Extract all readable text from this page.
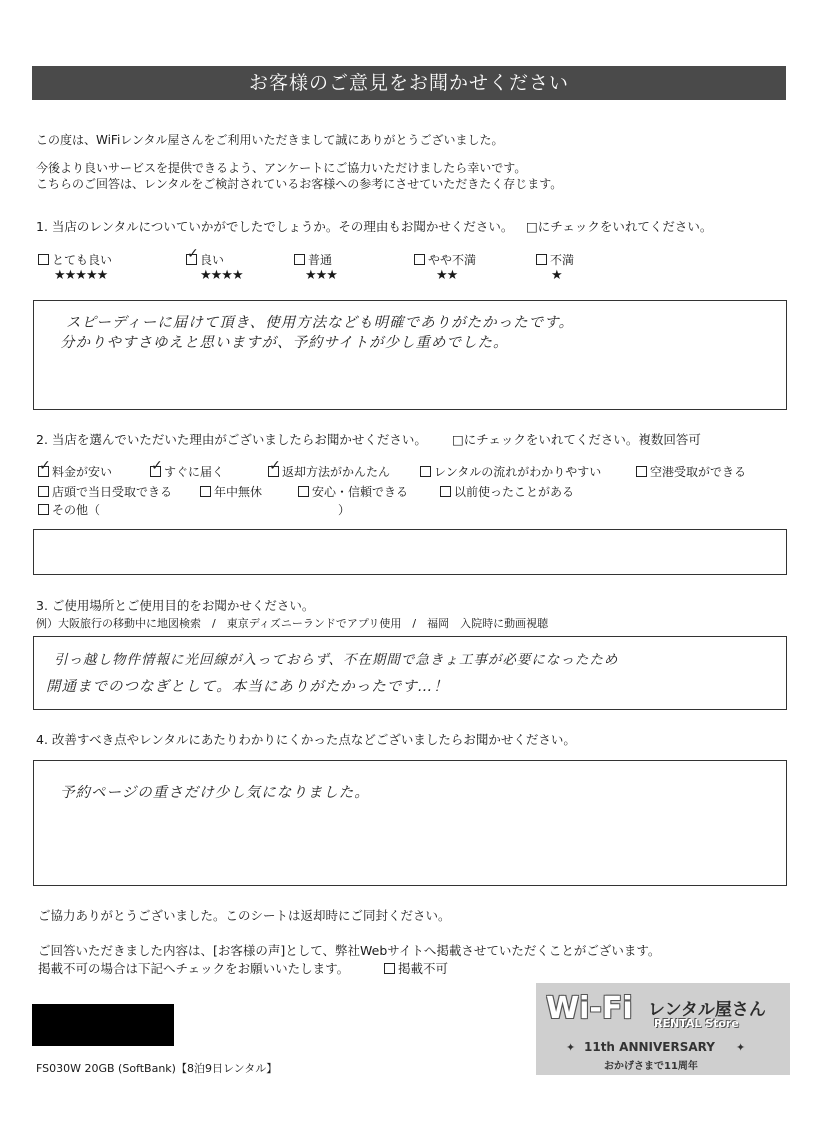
お客様のご意見をお聞かせください
この度は、WiFiレンタル屋さんをご利用いただきまして誠にありがとうございました。
今後より良いサービスを提供できるよう、アンケートにご協力いただけましたら幸いです。
こちらのご回答は、レンタルをご検討されているお客様への参考にさせていただきたく存じます。
1. 当店のレンタルについていかがでしたでしょうか。その理由もお聞かせください。 □にチェックをいれてください。
とても良い
★★★★★
✓良い
★★★★
普通
★★★
やや不満
★★
不満
★
スピーディーに届けて頂き、使用方法なども明確でありがたかったです。
分かりやすさゆえと思いますが、予約サイトが少し重めでした。
2. 当店を選んでいただいた理由がございましたらお聞かせください。 □にチェックをいれてください。複数回答可
✓料金が安い ✓	すぐに届く ✓	返却方法がかんたん	レンタルの流れがわかりやすい	空港受取ができる
店頭で当日受取できる	年中無休	安心・信頼できる	以前使ったことがある
その他（	）
3. ご使用場所とご使用目的をお聞かせください。
例）大阪旅行の移動中に地図検索　/　東京ディズニーランドでアプリ使用　/　福岡　入院時に動画視聴
引っ越し物件情報に光回線が入っておらず、不在期間で急きょ工事が必要になったため
開通までのつなぎとして。本当にありがたかったです…！
4. 改善すべき点やレンタルにあたりわかりにくかった点などございましたらお聞かせください。
予約ページの重さだけ少し気になりました。
ご協力ありがとうございました。このシートは返却時にご同封ください。
ご回答いただきました内容は、[お客様の声]として、弊社Webサイトへ掲載させていただくことがございます。
掲載不可の場合は下記へチェックをお願いいたします。	掲載不可
FS030W 20GB (SoftBank)【8泊9日レンタル】
Wi-Fi レンタル屋さん
RENTAL Store
✦ 11th ANNIVERSARY ✦
おかげさまで11周年
